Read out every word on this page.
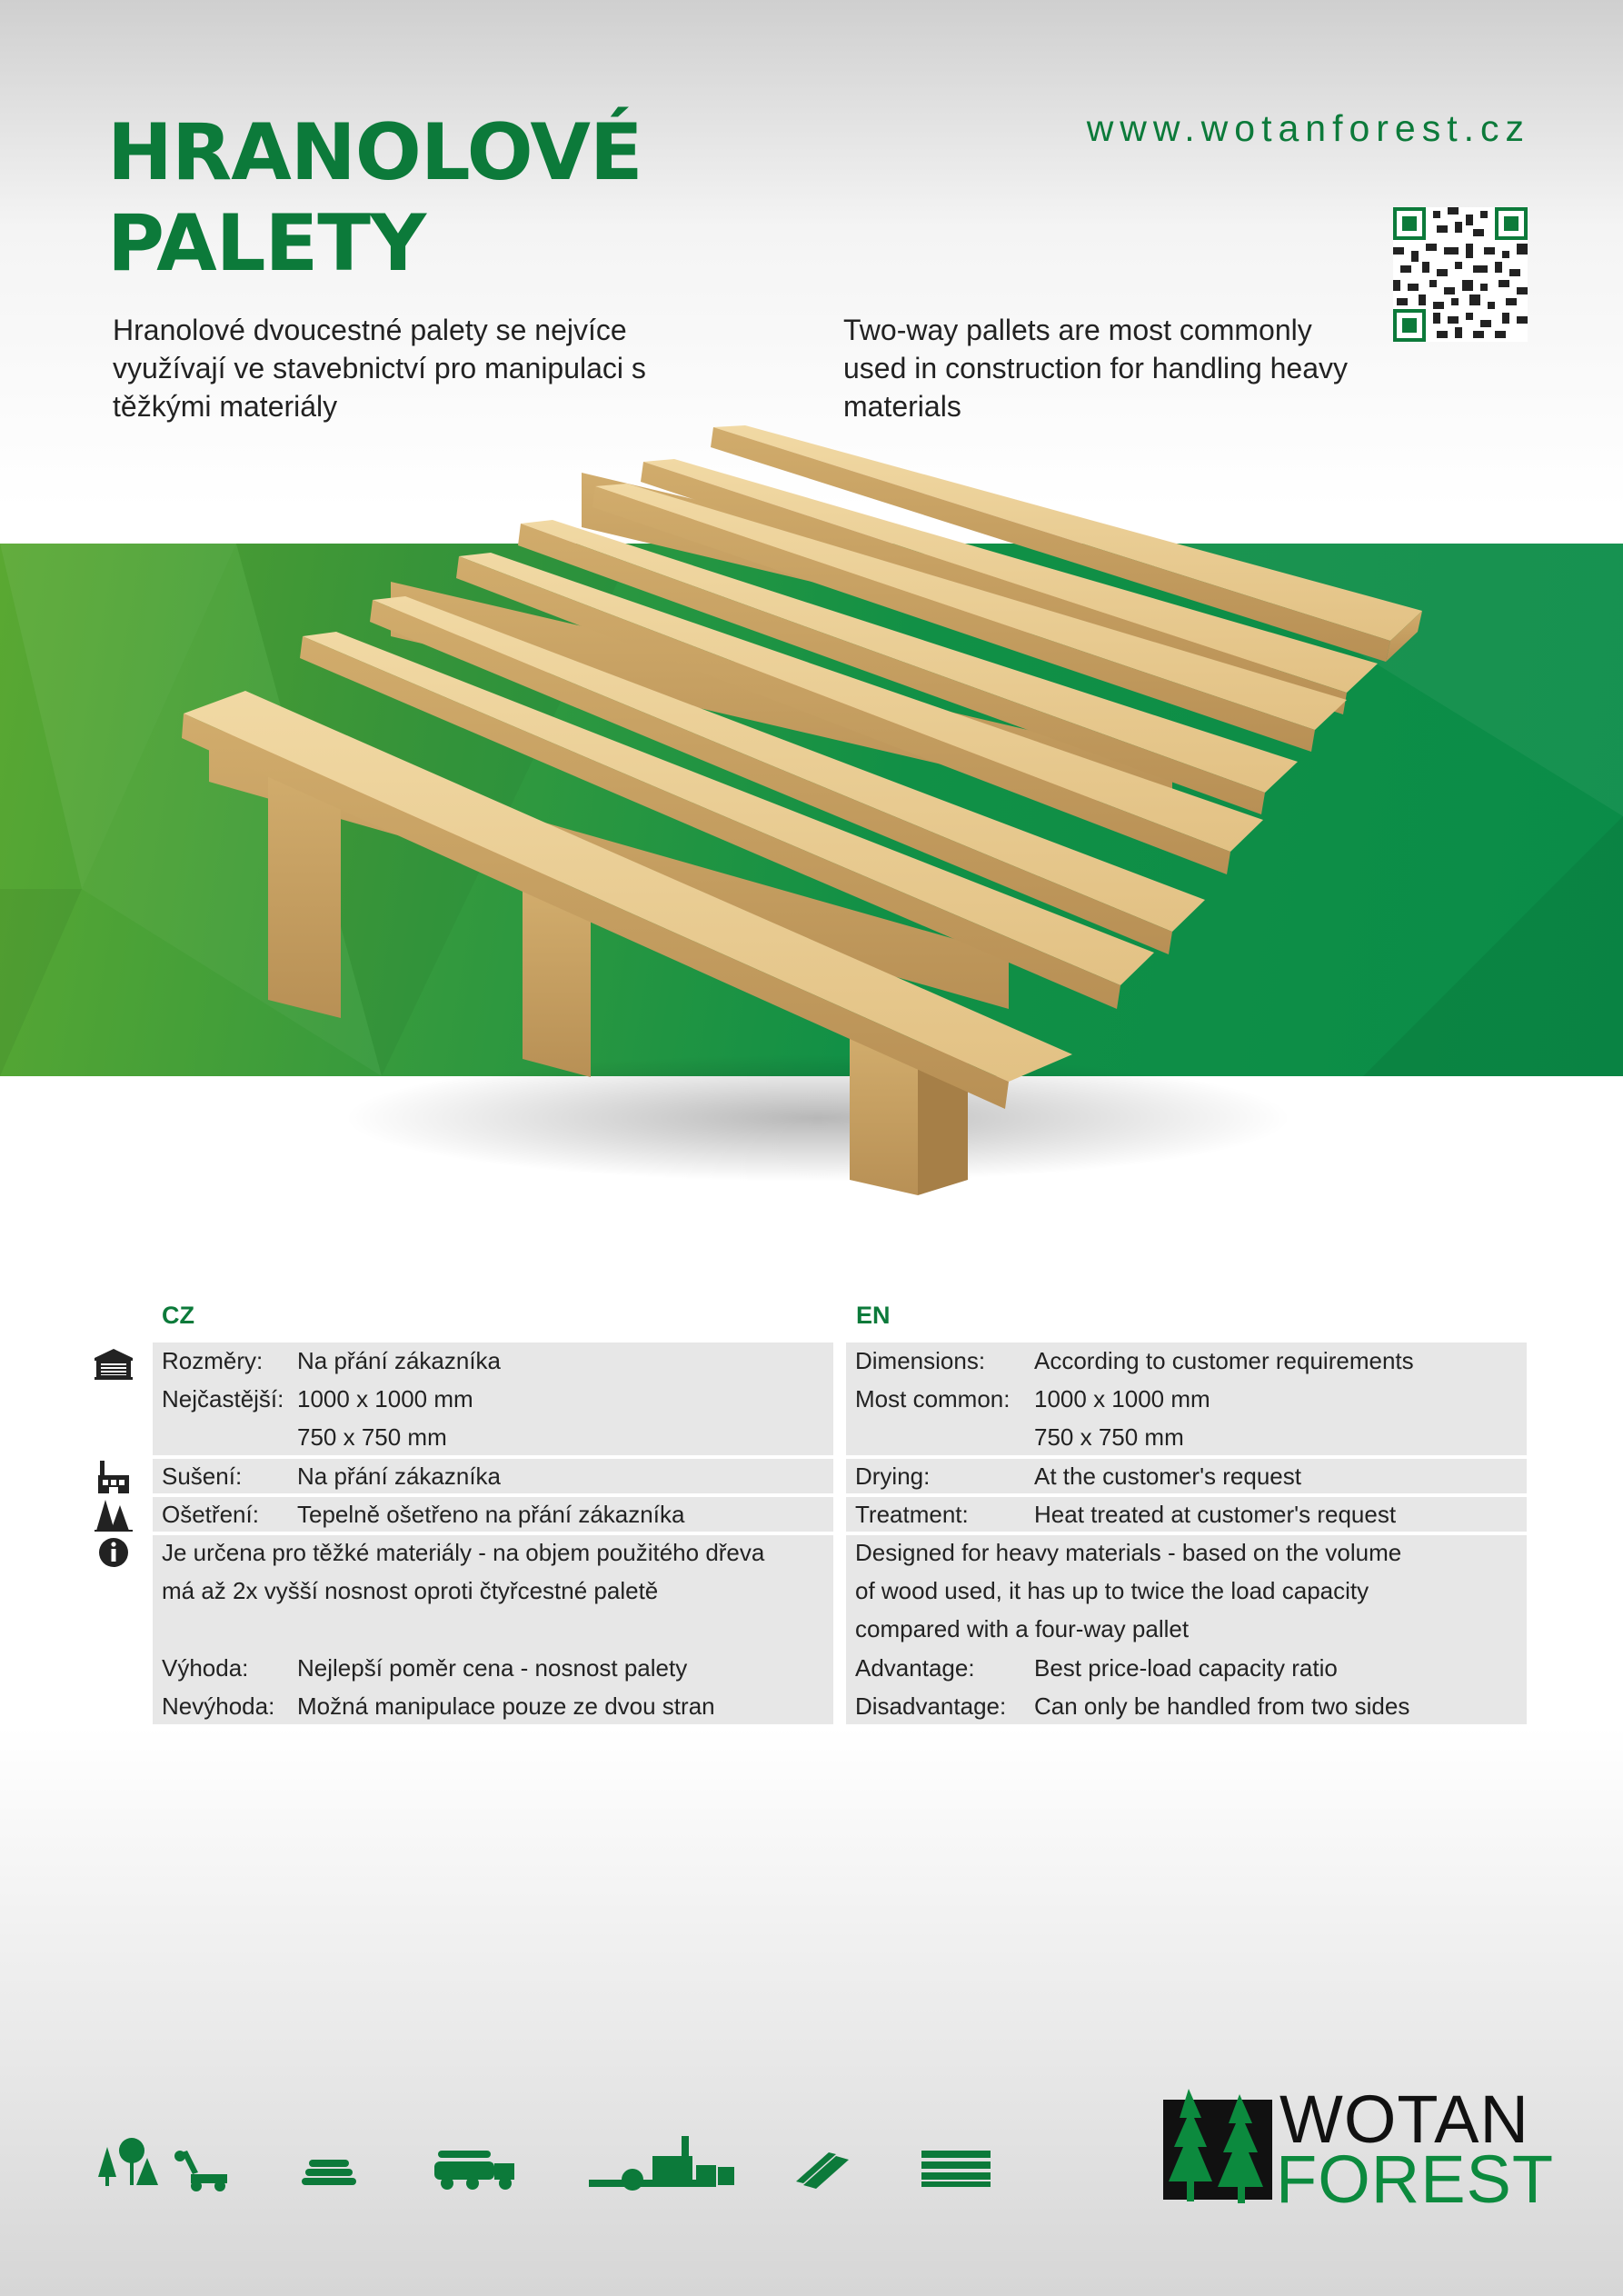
HRANOLOVÉ
PALETY
www.wotanforest.cz
Hranolové dvoucestné palety se nejvíce využívají ve stavebnictví pro manipulaci s těžkými materiály
Two-way pallets are most commonly used in construction for handling heavy materials
CZ	EN
Rozměry: Na přání zákazníka
Nejčastější: 1000 x 1000 mm
750 x 750 mm
Sušení: Na přání zákazníka
Ošetření: Tepelně ošetřeno na přání zákazníka
Je určena pro těžké materiály - na objem použitého dřeva
má až 2x vyšší nosnost oproti čtyřcestné paletě
Výhoda: Nejlepší poměr cena - nosnost palety
Nevýhoda: Možná manipulace pouze ze dvou stran
Dimensions: According to customer requirements
Most common: 1000 x 1000 mm
750 x 750 mm
Drying:	At the customer's request
Treatment:	Heat treated at customer's request
Designed for heavy materials - based on the volume
of wood used, it has up to twice the load capacity
compared with a four-way pallet
Advantage:	Best price-load capacity ratio
Disadvantage: Can only be handled from two sides
WOTAN
FOREST
